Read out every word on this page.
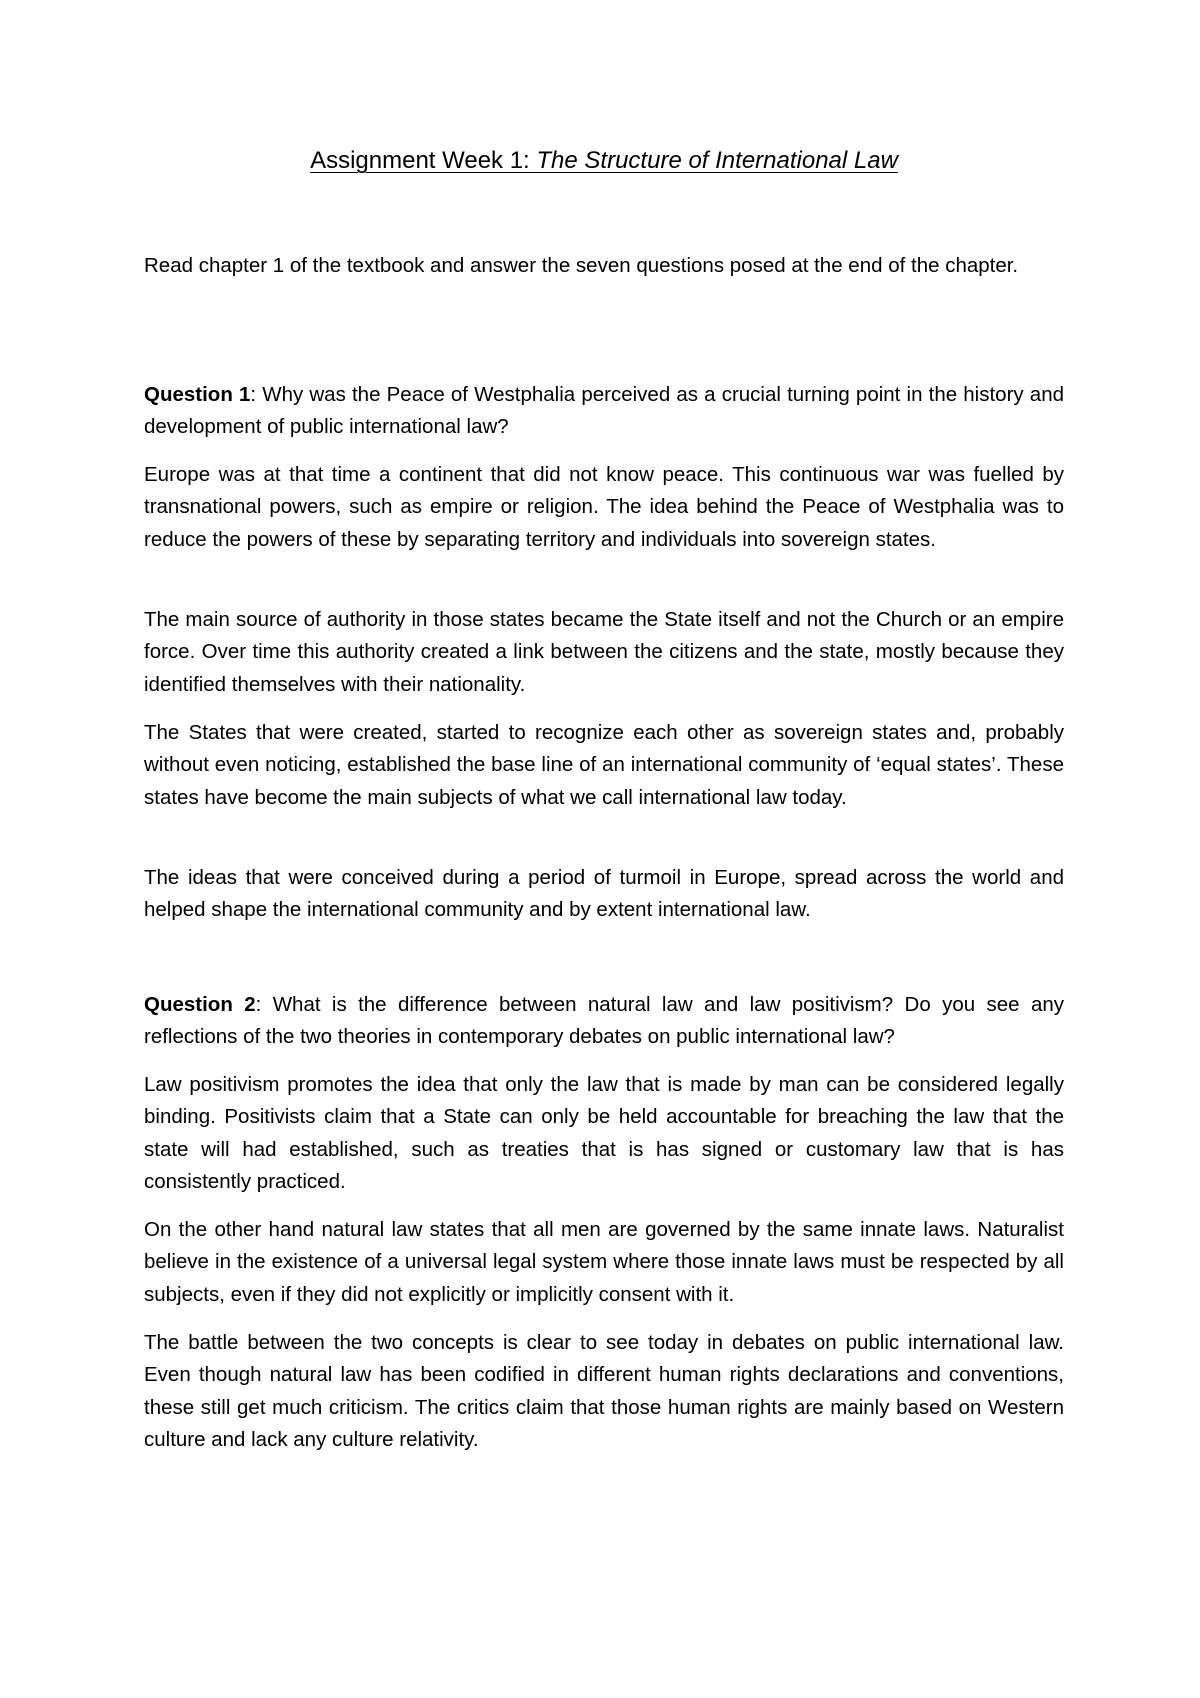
Assignment Week 1: The Structure of International Law

Read chapter 1 of the textbook and answer the seven questions posed at the end of the chapter.

Question 1: Why was the Peace of Westphalia perceived as a crucial turning point in the history and development of public international law?

Europe was at that time a continent that did not know peace. This continuous war was fuelled by transnational powers, such as empire or religion. The idea behind the Peace of Westphalia was to reduce the powers of these by separating territory and individuals into sovereign states.

The main source of authority in those states became the State itself and not the Church or an empire force. Over time this authority created a link between the citizens and the state, mostly because they identified themselves with their nationality.

The States that were created, started to recognize each other as sovereign states and, probably without even noticing, established the base line of an international community of ‘equal states’. These states have become the main subjects of what we call international law today.

The ideas that were conceived during a period of turmoil in Europe, spread across the world and helped shape the international community and by extent international law.

Question 2: What is the difference between natural law and law positivism? Do you see any reflections of the two theories in contemporary debates on public international law?

Law positivism promotes the idea that only the law that is made by man can be considered legally binding. Positivists claim that a State can only be held accountable for breaching the law that the state will had established, such as treaties that is has signed or customary law that is has consistently practiced.

On the other hand natural law states that all men are governed by the same innate laws. Naturalist believe in the existence of a universal legal system where those innate laws must be respected by all subjects, even if they did not explicitly or implicitly consent with it.

The battle between the two concepts is clear to see today in debates on public international law. Even though natural law has been codified in different human rights declarations and conventions, these still get much criticism. The critics claim that those human rights are mainly based on Western culture and lack any culture relativity.
